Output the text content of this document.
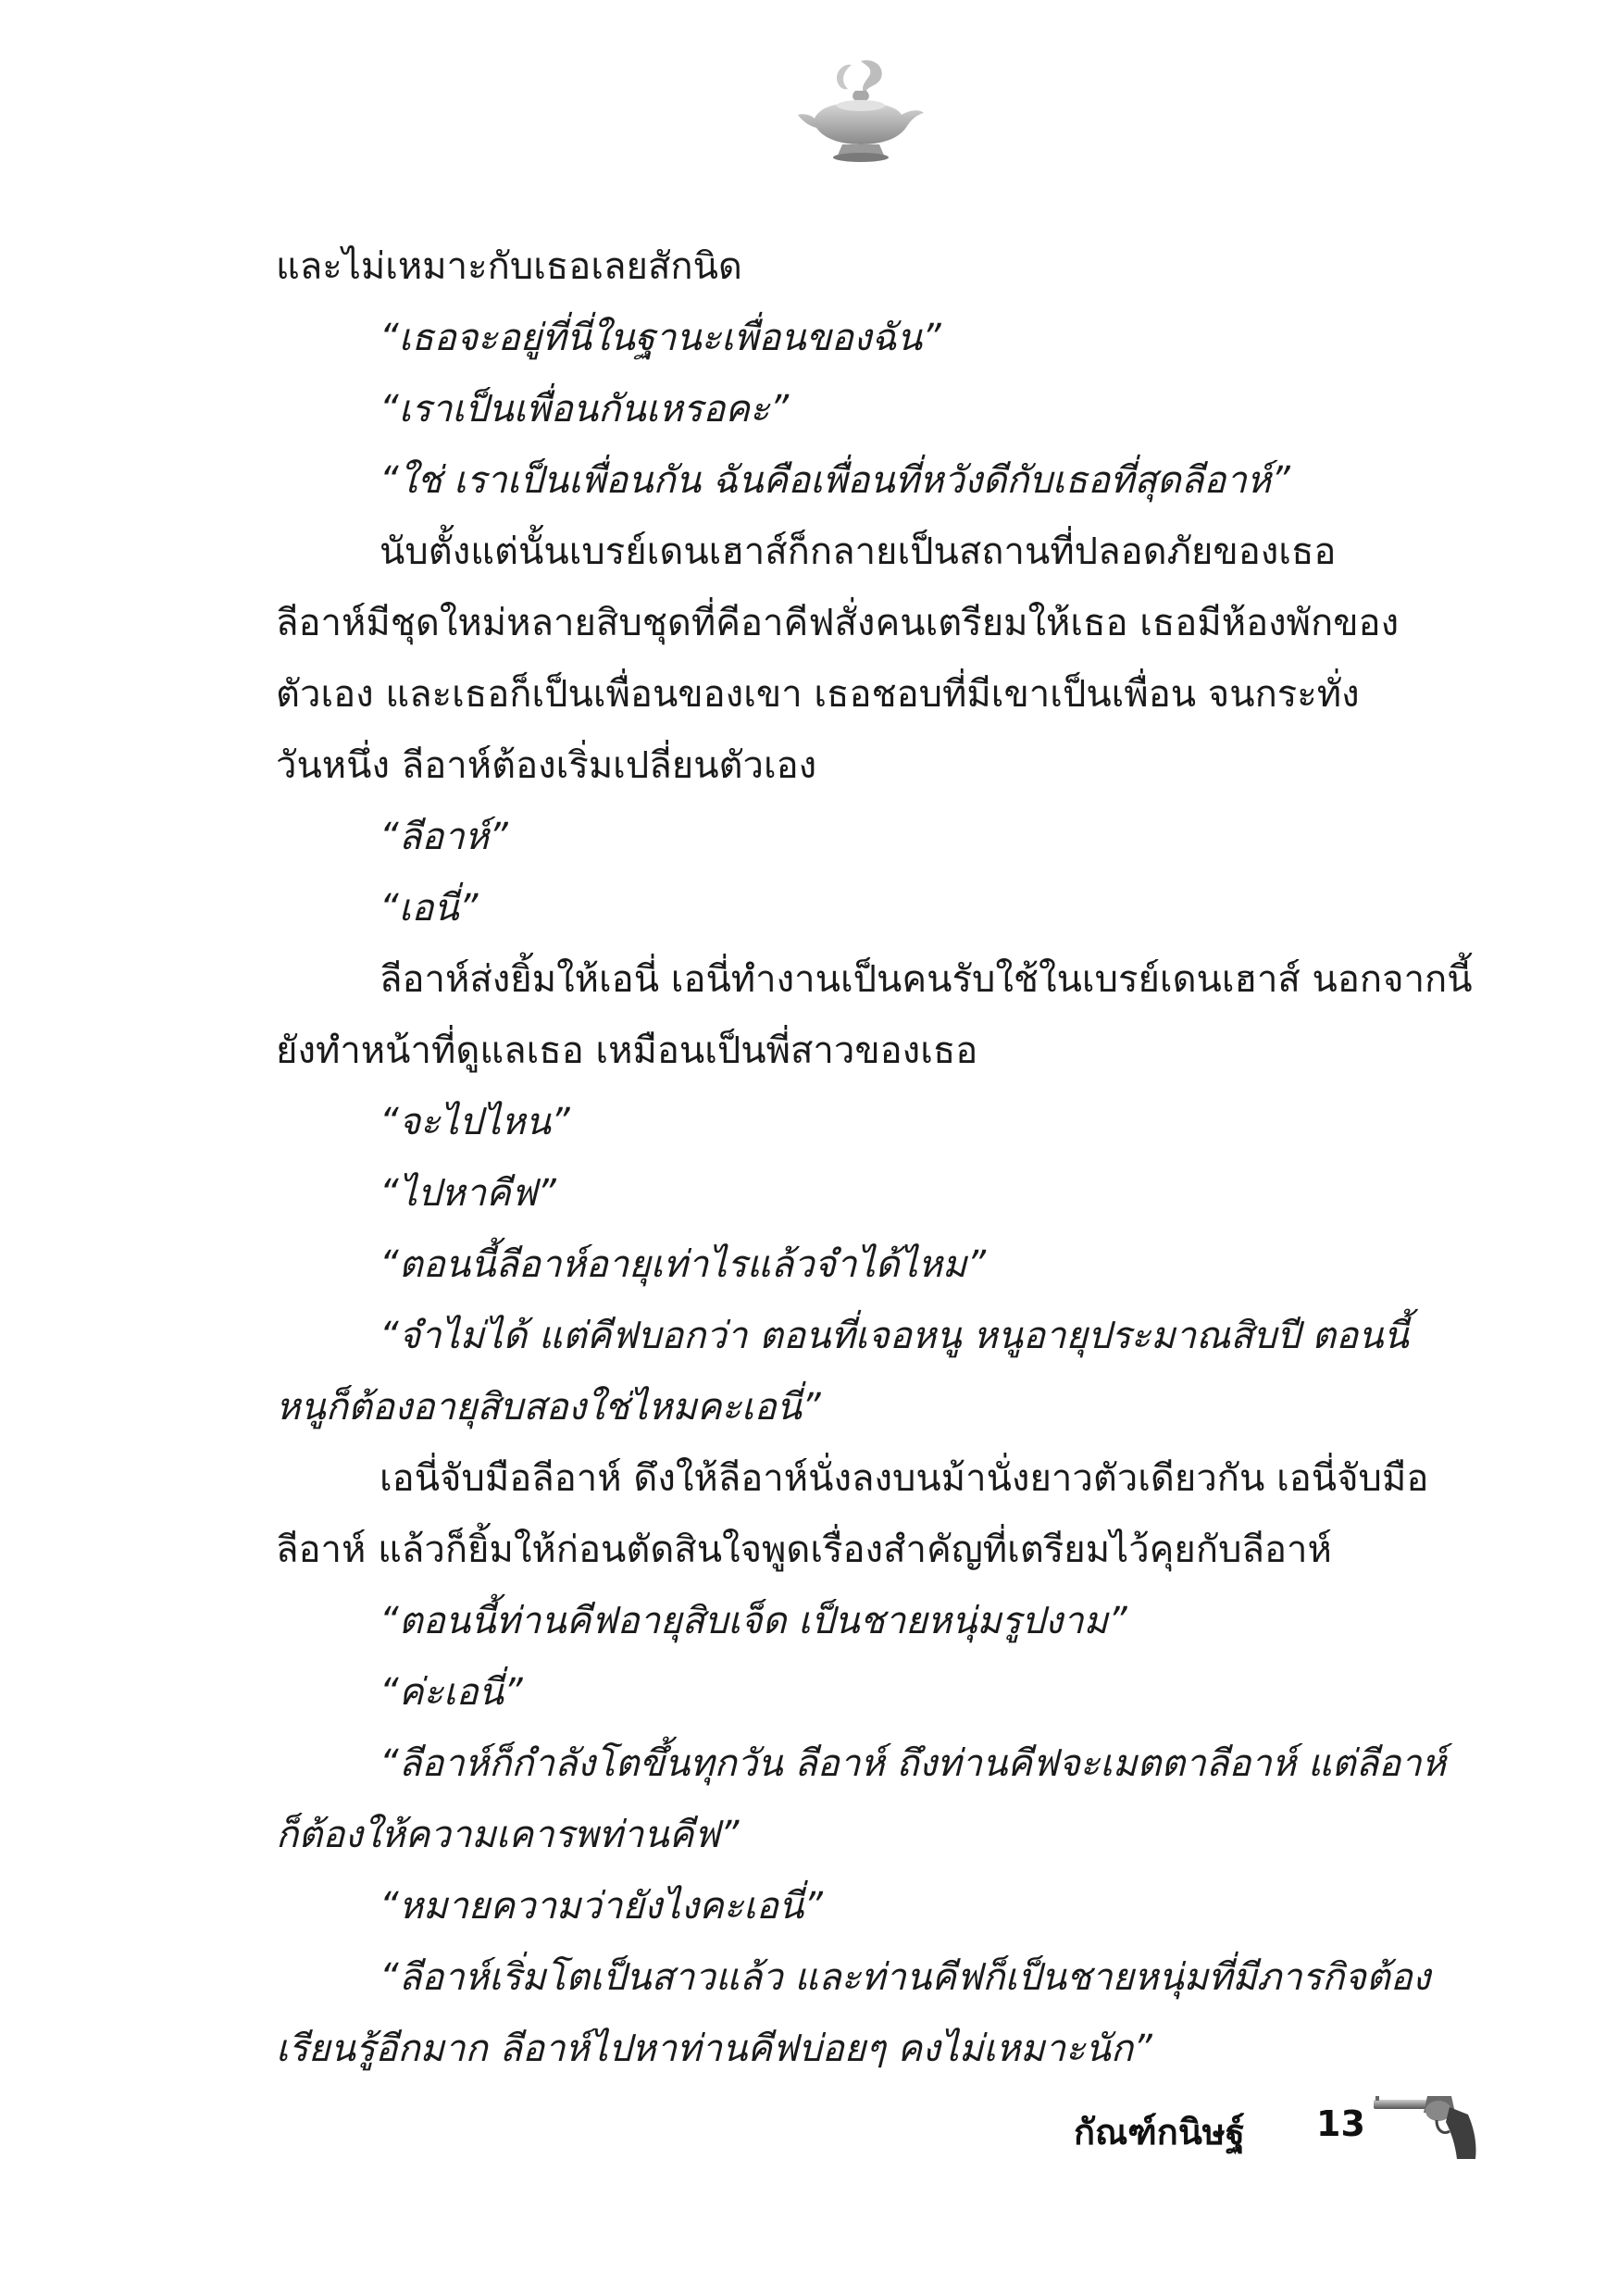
และไม่เหมาะกับเธอเลยสักนิด

“เธอจะอยู่ที่นี่ในฐานะเพื่อนของฉัน”

“เราเป็นเพื่อนกันเหรอคะ”

“ใช่ เราเป็นเพื่อนกัน ฉันคือเพื่อนที่หวังดีกับเธอที่สุดลีอาห์”

นับตั้งแต่นั้นเบรย์เดนเฮาส์ก็กลายเป็นสถานที่ปลอดภัยของเธอ

ลีอาห์มีชุดใหม่หลายสิบชุดที่คีอาคีฟสั่งคนเตรียมให้เธอ เธอมีห้องพักของ

ตัวเอง และเธอก็เป็นเพื่อนของเขา เธอชอบที่มีเขาเป็นเพื่อน จนกระทั่ง

วันหนึ่ง ลีอาห์ต้องเริ่มเปลี่ยนตัวเอง

“ลีอาห์”

“เอนี่”

ลีอาห์ส่งยิ้มให้เอนี่ เอนี่ทำงานเป็นคนรับใช้ในเบรย์เดนเฮาส์ นอกจากนี้

ยังทำหน้าที่ดูแลเธอ เหมือนเป็นพี่สาวของเธอ

“จะไปไหน”

“ไปหาคีฟ”

“ตอนนี้ลีอาห์อายุเท่าไรแล้วจำได้ไหม”

“จำไม่ได้ แต่คีฟบอกว่า ตอนที่เจอหนู หนูอายุประมาณสิบปี ตอนนี้

หนูก็ต้องอายุสิบสองใช่ไหมคะเอนี่”

เอนี่จับมือลีอาห์ ดึงให้ลีอาห์นั่งลงบนม้านั่งยาวตัวเดียวกัน เอนี่จับมือ

ลีอาห์ แล้วก็ยิ้มให้ก่อนตัดสินใจพูดเรื่องสำคัญที่เตรียมไว้คุยกับลีอาห์

“ตอนนี้ท่านคีฟอายุสิบเจ็ด เป็นชายหนุ่มรูปงาม”

“ค่ะเอนี่”

“ลีอาห์ก็กำลังโตขึ้นทุกวัน ลีอาห์ ถึงท่านคีฟจะเมตตาลีอาห์ แต่ลีอาห์

ก็ต้องให้ความเคารพท่านคีฟ”

“หมายความว่ายังไงคะเอนี่”

“ลีอาห์เริ่มโตเป็นสาวแล้ว และท่านคีฟก็เป็นชายหนุ่มที่มีภารกิจต้อง

เรียนรู้อีกมาก ลีอาห์ไปหาท่านคีฟบ่อยๆ คงไม่เหมาะนัก”

กัณฑ์กนิษฐ์ 13
